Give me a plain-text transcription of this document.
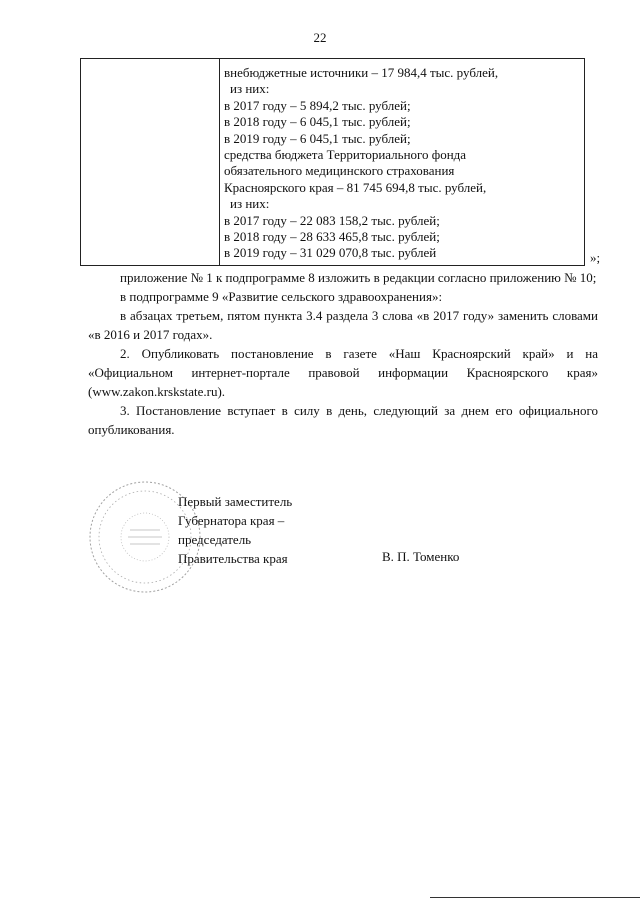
22
внебюджетные источники – 17 984,4 тыс. рублей,
из них:
в 2017 году – 5 894,2 тыс. рублей;
в 2018 году – 6 045,1 тыс. рублей;
в 2019 году – 6 045,1 тыс. рублей;
средства бюджета Территориального фонда
обязательного медицинского страхования
Красноярского края – 81 745 694,8 тыс. рублей,
из них:
в 2017 году – 22 083 158,2 тыс. рублей;
в 2018 году – 28 633 465,8 тыс. рублей;
в 2019 году – 31 029 070,8 тыс. рублей	»;

приложение № 1 к подпрограмме 8 изложить в редакции согласно приложению № 10;

в подпрограмме 9 «Развитие сельского здравоохранения»:

в абзацах третьем, пятом пункта 3.4 раздела 3 слова «в 2017 году» заменить словами «в 2016 и 2017 годах».

2. Опубликовать постановление в газете «Наш Красноярский край» и на «Официальном интернет-портале правовой информации Красноярского края» (www.zakon.krskstate.ru).

3. Постановление вступает в силу в день, следующий за днем его официального опубликования.

Первый заместитель
Губернатора края –
председатель
Правительства края	В. П. Томенко
